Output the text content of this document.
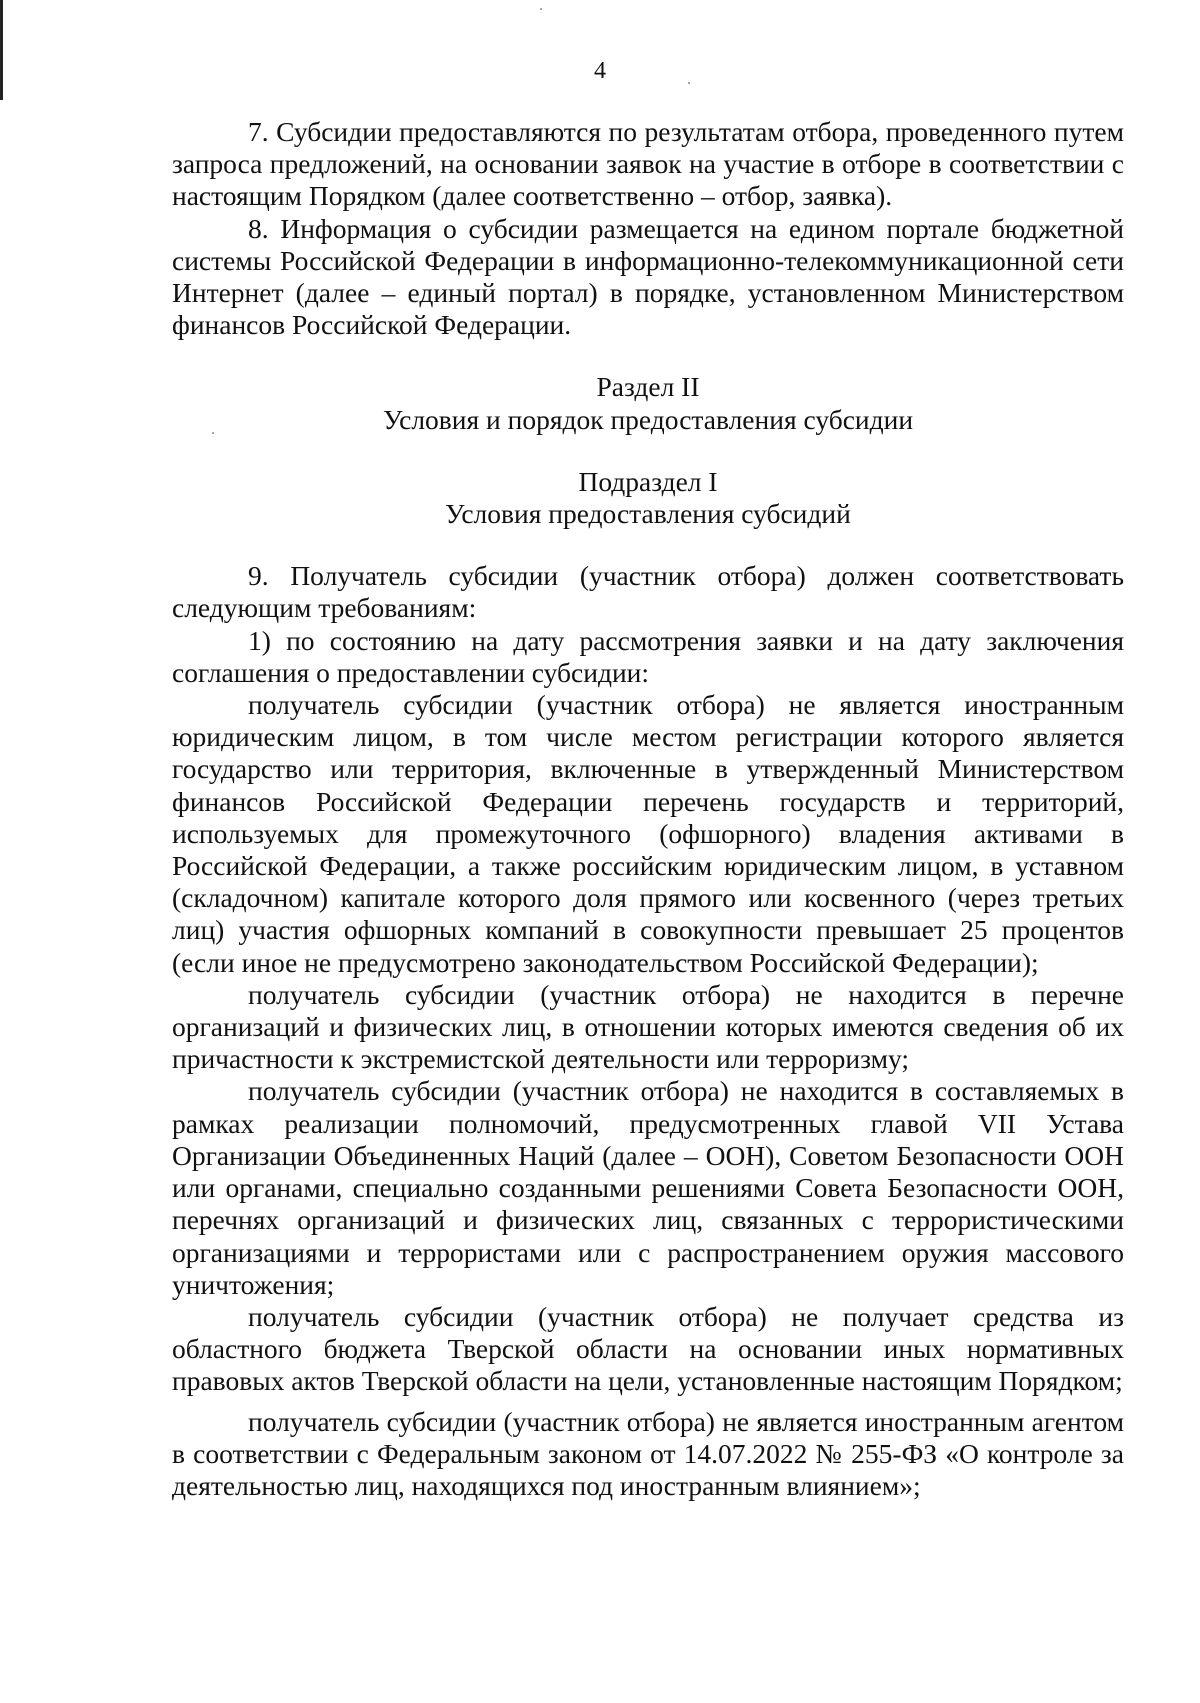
4

7. Субсидии предоставляются по результатам отбора, проведенного путем запроса предложений, на основании заявок на участие в отборе в соответствии с настоящим Порядком (далее соответственно – отбор, заявка).

8. Информация о субсидии размещается на едином портале бюджетной системы Российской Федерации в информационно-телекоммуникационной сети Интернет (далее – единый портал) в порядке, установленном Министерством финансов Российской Федерации.

Раздел II

Условия и порядок предоставления субсидии

Подраздел I

Условия предоставления субсидий

9. Получатель субсидии (участник отбора) должен соответствовать следующим требованиям:

1) по состоянию на дату рассмотрения заявки и на дату заключения соглашения о предоставлении субсидии:

получатель субсидии (участник отбора) не является иностранным юридическим лицом, в том числе местом регистрации которого является государство или территория, включенные в утвержденный Министерством финансов Российской Федерации перечень государств и территорий, используемых для промежуточного (офшорного) владения активами в Российской Федерации, а также российским юридическим лицом, в уставном (складочном) капитале которого доля прямого или косвенного (через третьих лиц) участия офшорных компаний в совокупности превышает 25 процентов (если иное не предусмотрено законодательством Российской Федерации);

получатель субсидии (участник отбора) не находится в перечне организаций и физических лиц, в отношении которых имеются сведения об их причастности к экстремистской деятельности или терроризму;

получатель субсидии (участник отбора) не находится в составляемых в рамках реализации полномочий, предусмотренных главой VII Устава Организации Объединенных Наций (далее – ООН), Советом Безопасности ООН или органами, специально созданными решениями Совета Безопасности ООН, перечнях организаций и физических лиц, связанных с террористическими организациями и террористами или с распространением оружия массового уничтожения;

получатель субсидии (участник отбора) не получает средства из областного бюджета Тверской области на основании иных нормативных правовых актов Тверской области на цели, установленные настоящим Порядком;

получатель субсидии (участник отбора) не является иностранным агентом в соответствии с Федеральным законом от 14.07.2022 № 255-ФЗ «О контроле за деятельностью лиц, находящихся под иностранным влиянием»;
